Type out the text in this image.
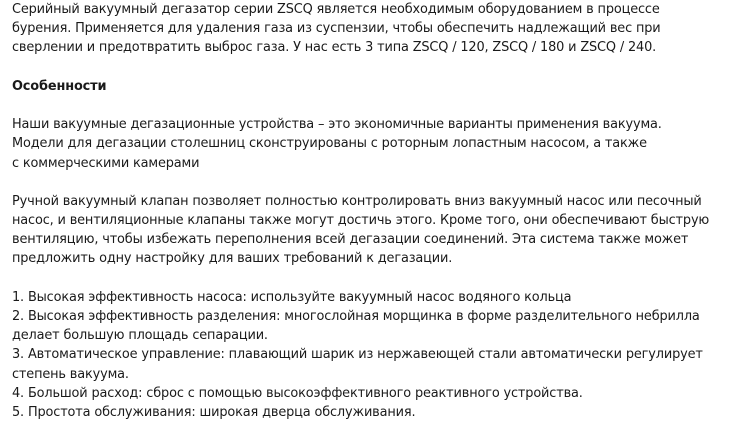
Серийный вакуумный дегазатор серии ZSCQ является необходимым оборудованием в процессе
бурения. Применяется для удаления газа из суспензии, чтобы обеспечить надлежащий вес при
сверлении и предотвратить выброс газа. У нас есть 3 типа ZSCQ / 120, ZSCQ / 180 и ZSCQ / 240.
Особенности
Наши вакуумные дегазационные устройства – это экономичные варианты применения вакуума.
Модели для дегазации столешниц сконструированы с роторным лопастным насосом, а также
с коммерческими камерами
Ручной вакуумный клапан позволяет полностью контролировать вниз вакуумный насос или песочный
насос, и вентиляционные клапаны также могут достичь этого. Кроме того, они обеспечивают быструю
вентиляцию, чтобы избежать переполнения всей дегазации соединений. Эта система также может
предложить одну настройку для ваших требований к дегазации.
1. Высокая эффективность насоса: используйте вакуумный насос водяного кольца
2. Высокая эффективность разделения: многослойная морщинка в форме разделительного небрилла
делает большую площадь сепарации.
3. Автоматическое управление: плавающий шарик из нержавеющей стали автоматически регулирует
степень вакуума.
4. Большой расход: сброс с помощью высокоэффективного реактивного устройства.
5. Простота обслуживания: широкая дверца обслуживания.
